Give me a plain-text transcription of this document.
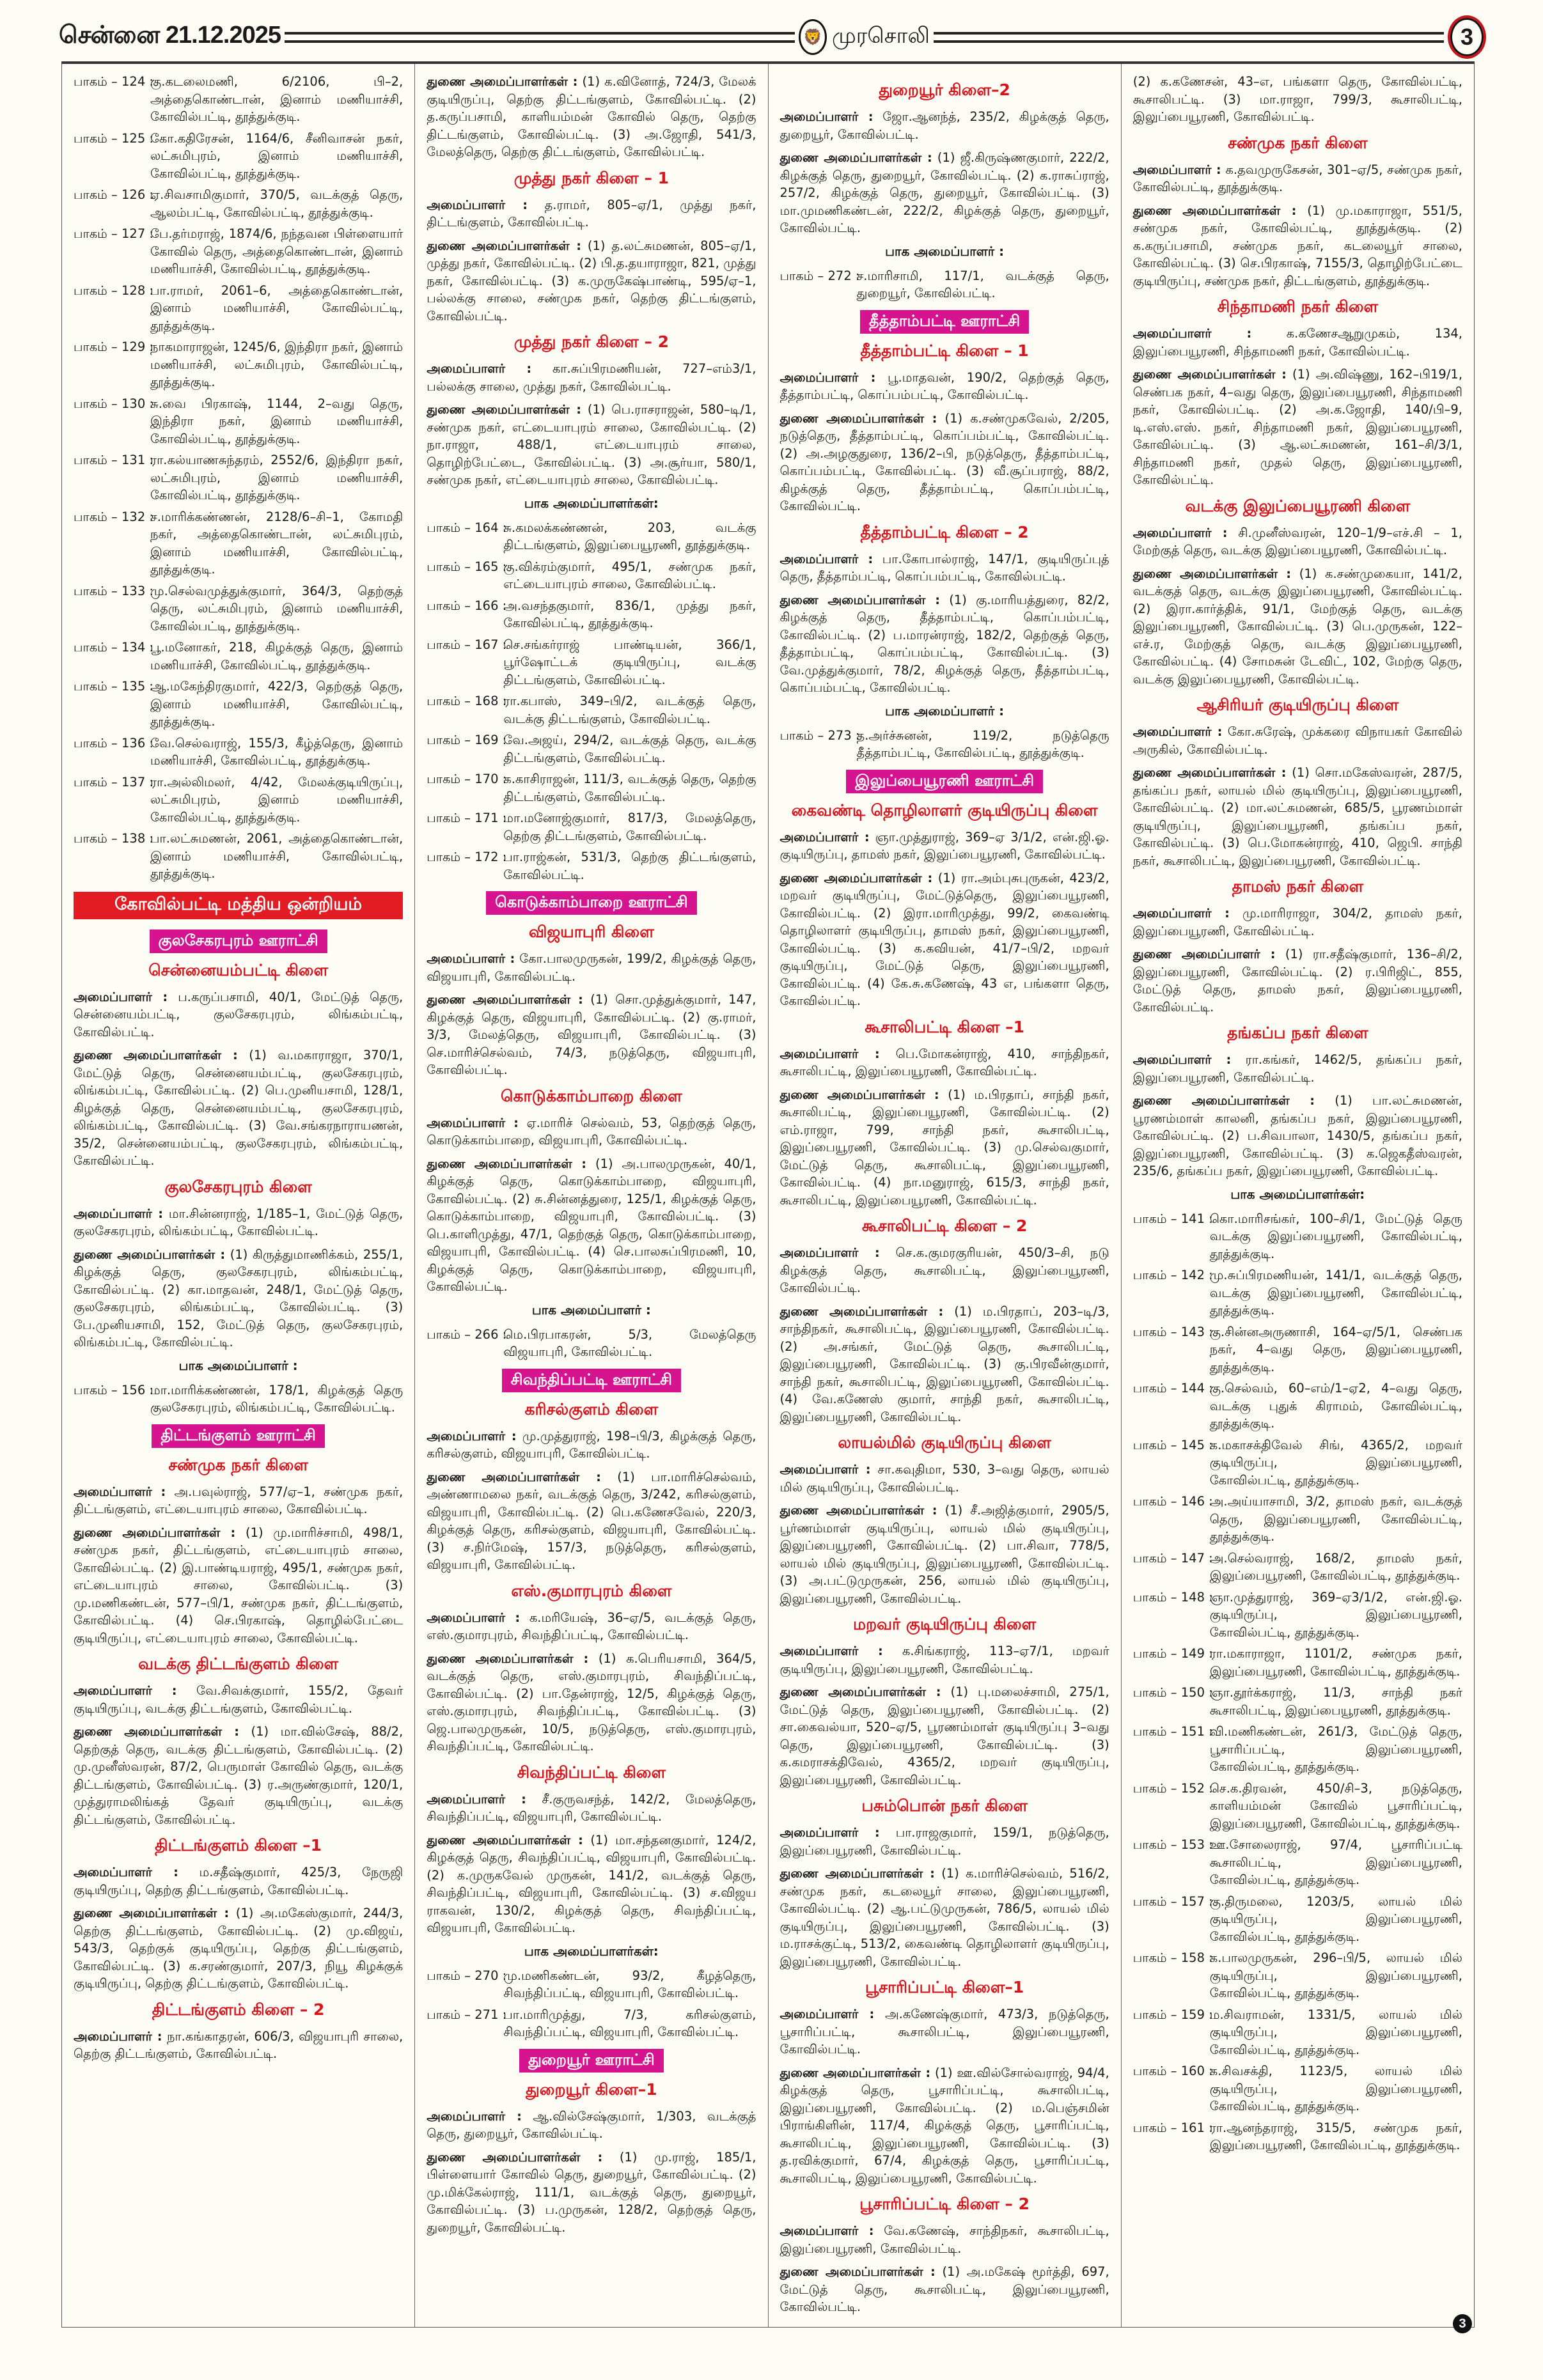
சென்னை 21.12.2025	🦁 முரசொலி	3
பாகம் – 124 :
கு.கடலைமணி, 6/2106, பி–2, அத்தைகொண்டான், இனாம் மணியாச்சி, கோவில்பட்டி, தூத்துக்குடி.
பாகம் – 125 :
கோ.கதிரேசன், 1164/6, சீனிவாசன் நகர், லட்சுமிபுரம், இனாம் மணியாச்சி, கோவில்பட்டி, தூத்துக்குடி.
பாகம் – 126 :
ஏ.சிவசாமிகுமார், 370/5, வடக்குத் தெரு, ஆலம்பட்டி, கோவில்பட்டி, தூத்துக்குடி.
பாகம் – 127 :
பே.தர்மராஜ், 1874/6, நந்தவன பிள்ளையார் கோவில் தெரு, அத்தைகொண்டான், இனாம் மணியாச்சி, கோவில்பட்டி, தூத்துக்குடி.
பாகம் – 128 :
பா.ராமர், 2061–6, அத்தைகொண்டான், இனாம் மணியாச்சி, கோவில்பட்டி, தூத்துக்குடி.
பாகம் – 129 :
நாகமாராஜன், 1245/6, இந்திரா நகர், இனாம் மணியாச்சி, லட்சுமிபுரம், கோவில்பட்டி, தூத்துக்குடி.
பாகம் – 130 :
சு.வை பிரகாஷ், 1144, 2–வது தெரு, இந்திரா நகர், இனாம் மணியாச்சி, கோவில்பட்டி, தூத்துக்குடி.
பாகம் – 131 :
ரா.கல்யாணசுந்தரம், 2552/6, இந்திரா நகர், லட்சுமிபுரம், இனாம் மணியாச்சி, கோவில்பட்டி, தூத்துக்குடி.
பாகம் – 132 :
ச.மாரிக்கண்ணன், 2128/6–சி–1, கோமதி நகர், அத்தைகொண்டான், லட்சுமிபுரம், இனாம் மணியாச்சி, கோவில்பட்டி, தூத்துக்குடி.
பாகம் – 133 :
மு.செல்வமுத்துக்குமார், 364/3, தெற்குத் தெரு, லட்சுமிபுரம், இனாம் மணியாச்சி, கோவில்பட்டி, தூத்துக்குடி.
பாகம் – 134 :
பூ.மனோகர், 218, கிழக்குத் தெரு, இனாம் மணியாச்சி, கோவில்பட்டி, தூத்துக்குடி.
பாகம் – 135 :
ஆ.மகேந்திரகுமார், 422/3, தெற்குத் தெரு, இனாம் மணியாச்சி, கோவில்பட்டி, தூத்துக்குடி.
பாகம் – 136 :
வே.செல்வராஜ், 155/3, கீழ்த்தெரு, இனாம் மணியாச்சி, கோவில்பட்டி, தூத்துக்குடி.
பாகம் – 137 :
ரா.அல்லிமலர், 4/42, மேலக்குடியிருப்பு, லட்சுமிபுரம், இனாம் மணியாச்சி, கோவில்பட்டி, தூத்துக்குடி.
பாகம் – 138 :
பா.லட்சுமணன், 2061, அத்தைகொண்டான், இனாம் மணியாச்சி, கோவில்பட்டி, தூத்துக்குடி.
கோவில்பட்டி மத்திய ஒன்றியம்
குலசேகரபுரம் ஊராட்சி
சென்னையம்பட்டி கிளை

அமைப்பாளர் : ப.கருப்பசாமி, 40/1, மேட்டுத் தெரு, சென்னையம்பட்டி, குலசேகரபுரம், லிங்கம்பட்டி, கோவில்பட்டி.

துணை அமைப்பாளர்கள் : (1) வ.மகாராஜா, 370/1, மேட்டுத் தெரு, சென்னையம்பட்டி, குலசேகரபுரம், லிங்கம்பட்டி, கோவில்பட்டி. (2) பெ.முனியசாமி, 128/1, கிழக்குத் தெரு, சென்னையம்பட்டி, குலசேகரபுரம், லிங்கம்பட்டி, கோவில்பட்டி. (3) வே.சங்கரநாராயணன், 35/2, சென்னையம்பட்டி, குலசேகரபுரம், லிங்கம்பட்டி, கோவில்பட்டி.

குலசேகரபுரம் கிளை

அமைப்பாளர் : மா.சின்னராஜ், 1/185–1, மேட்டுத் தெரு, குலசேகரபுரம், லிங்கம்பட்டி, கோவில்பட்டி.

துணை அமைப்பாளர்கள் : (1) கிருத்துமாணிக்கம், 255/1, கிழக்குத் தெரு, குலசேகரபுரம், லிங்கம்பட்டி, கோவில்பட்டி. (2) கா.மாதவன், 248/1, மேட்டுத் தெரு, குலசேகரபுரம், லிங்கம்பட்டி, கோவில்பட்டி. (3) பே.முனியசாமி, 152, மேட்டுத் தெரு, குலசேகரபுரம், லிங்கம்பட்டி, கோவில்பட்டி.

பாக அமைப்பாளர் :
பாகம் – 156 :
மா.மாரிக்கண்ணன், 178/1, கிழக்குத் தெரு குலசேகரபுரம், லிங்கம்பட்டி, கோவில்பட்டி.
திட்டங்குளம் ஊராட்சி
சண்முக நகர் கிளை

அமைப்பாளர் : அ.பவுல்ராஜ், 577/ஏ–1, சண்முக நகர், திட்டங்குளம், எட்டையாபுரம் சாலை, கோவில்பட்டி.

துணை அமைப்பாளர்கள் : (1) மு.மாரிச்சாமி, 498/1, சண்முக நகர், திட்டங்குளம், எட்டையாபுரம் சாலை, கோவில்பட்டி. (2) இ.பாண்டியராஜ், 495/1, சண்முக நகர், எட்டையாபுரம் சாலை, கோவில்பட்டி. (3) மு.மணிகண்டன், 577–பி/1, சண்முக நகர், திட்டங்குளம், கோவில்பட்டி. (4) செ.பிரகாஷ், தொழில்பேட்டை குடியிருப்பு, எட்டையாபுரம் சாலை, கோவில்பட்டி.

வடக்கு திட்டங்குளம் கிளை

அமைப்பாளர் : வே.சிவக்குமார், 155/2, தேவர் குடியிருப்பு, வடக்கு திட்டங்குளம், கோவில்பட்டி.

துணை அமைப்பாளர்கள் : (1) மா.வில்சேஷ், 88/2, தெற்குத் தெரு, வடக்கு திட்டங்குளம், கோவில்பட்டி. (2) மு.முனீஸ்வரன், 87/2, பெருமாள் கோவில் தெரு, வடக்கு திட்டங்குளம், கோவில்பட்டி. (3) ர.அருண்குமார், 120/1, முத்துராமலிங்கத் தேவர் குடியிருப்பு, வடக்கு திட்டங்குளம், கோவில்பட்டி.

திட்டங்குளம் கிளை –1

அமைப்பாளர் : ம.சதீஷ்குமார், 425/3, நேருஜி குடியிருப்பு, தெற்கு திட்டங்குளம், கோவில்பட்டி.

துணை அமைப்பாளர்கள் : (1) அ.மகேஸ்குமார், 244/3, தெற்கு திட்டங்குளம், கோவில்பட்டி. (2) மு.விஜய், 543/3, தெற்குக் குடியிருப்பு, தெற்கு திட்டங்குளம், கோவில்பட்டி. (3) க.சரண்குமார், 207/3, நியூ கிழக்குக் குடியிருப்பு, தெற்கு திட்டங்குளம், கோவில்பட்டி.

திட்டங்குளம் கிளை – 2

அமைப்பாளர் : நா.கங்காதரன், 606/3, விஜயாபுரி சாலை, தெற்கு திட்டங்குளம், கோவில்பட்டி.

துணை அமைப்பாளர்கள் : (1) க.வினோத், 724/3, மேலக் குடியிருப்பு, தெற்கு திட்டங்குளம், கோவில்பட்டி. (2) த.கருப்பசாமி, காளியம்மன் கோவில் தெரு, தெற்கு திட்டங்குளம், கோவில்பட்டி. (3) அ.ஜோதி, 541/3, மேலத்தெரு, தெற்கு திட்டங்குளம், கோவில்பட்டி.

முத்து நகர் கிளை – 1

அமைப்பாளர் : த.ராமர், 805–ஏ/1, முத்து நகர், திட்டங்குளம், கோவில்பட்டி.

துணை அமைப்பாளர்கள் : (1) த.லட்சுமணன், 805–ஏ/1, முத்து நகர், கோவில்பட்டி. (2) பி.த.தயாராஜா, 821, முத்து நகர், கோவில்பட்டி. (3) க.முருகேஷ்பாண்டி, 595/ஏ–1, பல்லக்கு சாலை, சண்முக நகர், தெற்கு திட்டங்குளம், கோவில்பட்டி.

முத்து நகர் கிளை – 2

அமைப்பாளர் : கா.சுப்பிரமணியன், 727–எம்3/1, பல்லக்கு சாலை, முத்து நகர், கோவில்பட்டி.

துணை அமைப்பாளர்கள் : (1) பெ.ராசராஜன், 580–டி/1, சண்முக நகர், எட்டையாபுரம் சாலை, கோவில்பட்டி. (2) நா.ராஜா, 488/1, எட்டையாபுரம் சாலை, தொழிற்பேட்டை, கோவில்பட்டி. (3) அ.சூர்யா, 580/1, சண்முக நகர், எட்டையாபுரம் சாலை, கோவில்பட்டி.

பாக அமைப்பாளர்கள்:
பாகம் – 164 :
சு.கமலக்கண்ணன், 203, வடக்கு திட்டங்குளம், இலுப்பையூரணி, தூத்துக்குடி.
பாகம் – 165 :
கு.விக்ரம்குமார், 495/1, சண்முக நகர், எட்டையாபுரம் சாலை, கோவில்பட்டி.
பாகம் – 166 :
அ.வசந்தகுமார், 836/1, முத்து நகர், கோவில்பட்டி, தூத்துக்குடி.
பாகம் – 167 :
செ.சங்கர்ராஜ் பாண்டியன், 366/1, பூர்ஷோட்டக் குடியிருப்பு, வடக்கு திட்டங்குளம், கோவில்பட்டி.
பாகம் – 168 :
ரா.கபாஸ், 349–பி/2, வடக்குத் தெரு, வடக்கு திட்டங்குளம், கோவில்பட்டி.
பாகம் – 169 :
வே.அஜய், 294/2, வடக்குத் தெரு, வடக்கு திட்டங்குளம், கோவில்பட்டி.
பாகம் – 170 :
க.காசிராஜன், 111/3, வடக்குத் தெரு, தெற்கு திட்டங்குளம், கோவில்பட்டி.
பாகம் – 171 :
மா.மனோஜ்குமார், 817/3, மேலத்தெரு, தெற்கு திட்டங்குளம், கோவில்பட்டி.
பாகம் – 172 :
பா.ராஜ்கன், 531/3, தெற்கு திட்டங்குளம், கோவில்பட்டி.
கொடுக்காம்பாறை ஊராட்சி
விஜயாபுரி கிளை

அமைப்பாளர் : கோ.பாலமுருகன், 199/2, கிழக்குத் தெரு, விஜயாபுரி, கோவில்பட்டி.

துணை அமைப்பாளர்கள் : (1) சொ.முத்துக்குமார், 147, கிழக்குத் தெரு, விஜயாபுரி, கோவில்பட்டி. (2) கு.ராமர், 3/3, மேலத்தெரு, விஜயாபுரி, கோவில்பட்டி. (3) செ.மாரிச்செல்வம், 74/3, நடுத்தெரு, விஜயாபுரி, கோவில்பட்டி.

கொடுக்காம்பாறை கிளை

அமைப்பாளர் : ஏ.மாரிச் செல்வம், 53, தெற்குத் தெரு, கொடுக்காம்பாறை, விஜயாபுரி, கோவில்பட்டி.

துணை அமைப்பாளர்கள் : (1) அ.பாலமுருகன், 40/1, கிழக்குத் தெரு, கொடுக்காம்பாறை, விஜயாபுரி, கோவில்பட்டி. (2) சு.சின்னத்துரை, 125/1, கிழக்குத் தெரு, கொடுக்காம்பாறை, விஜயாபுரி, கோவில்பட்டி. (3) பெ.காளிமுத்து, 47/1, தெற்குத் தெரு, கொடுக்காம்பாறை, விஜயாபுரி, கோவில்பட்டி. (4) செ.பாலசுப்பிரமணி, 10, கிழக்குத் தெரு, கொடுக்காம்பாறை, விஜயாபுரி, கோவில்பட்டி.

பாக அமைப்பாளர் :
பாகம் – 266 :
மெ.பிரபாகரன், 5/3, மேலத்தெரு விஜயாபுரி, கோவில்பட்டி.
சிவந்திப்பட்டி ஊராட்சி
கரிசல்குளம் கிளை

அமைப்பாளர் : மு.முத்துராஜ், 198–பி/3, கிழக்குத் தெரு, கரிசல்குளம், விஜயாபுரி, கோவில்பட்டி.

துணை அமைப்பாளர்கள் : (1) பா.மாரிச்செல்வம், அண்ணாமலை நகர், வடக்குத் தெரு, 3/242, கரிசல்குளம், விஜயாபுரி, கோவில்பட்டி. (2) பெ.கணேசவேல், 220/3, கிழக்குத் தெரு, கரிசல்குளம், விஜயாபுரி, கோவில்பட்டி. (3) ச.நிர்மேஷ், 157/3, நடுத்தெரு, கரிசல்குளம், விஜயாபுரி, கோவில்பட்டி.

எஸ்.குமாரபுரம் கிளை

அமைப்பாளர் : க.மரியேஷ், 36–ஏ/5, வடக்குத் தெரு, எஸ்.குமாரபுரம், சிவந்திப்பட்டி, கோவில்பட்டி.

துணை அமைப்பாளர்கள் : (1) க.பெரியசாமி, 364/5, வடக்குத் தெரு, எஸ்.குமாரபுரம், சிவந்திப்பட்டி, கோவில்பட்டி. (2) பா.தேன்ராஜ், 12/5, கிழக்குத் தெரு, எஸ்.குமாரபுரம், சிவந்திப்பட்டி, கோவில்பட்டி. (3) ஜெ.பாலமுருகன், 10/5, நடுத்தெரு, எஸ்.குமாரபுரம், சிவந்திப்பட்டி, கோவில்பட்டி.

சிவந்திப்பட்டி கிளை

அமைப்பாளர் : சீ.குருவசந்த், 142/2, மேலத்தெரு, சிவந்திப்பட்டி, விஜயாபுரி, கோவில்பட்டி.

துணை அமைப்பாளர்கள் : (1) மா.சந்தனகுமார், 124/2, கிழக்குத் தெரு, சிவந்திப்பட்டி, விஜயாபுரி, கோவில்பட்டி. (2) க.முருகவேல் முருகன், 141/2, வடக்குத் தெரு, சிவந்திப்பட்டி, விஜயாபுரி, கோவில்பட்டி. (3) ச.விஜய ராகவன், 130/2, கிழக்குத் தெரு, சிவந்திப்பட்டி, விஜயாபுரி, கோவில்பட்டி.

பாக அமைப்பாளர்கள்:
பாகம் – 270 :
மு.மணிகண்டன், 93/2, கீழத்தெரு, சிவந்திப்பட்டி, விஜயாபுரி, கோவில்பட்டி.
பாகம் – 271 :
பா.மாரிமுத்து, 7/3, கரிசல்குளம், சிவந்திப்பட்டி, விஜயாபுரி, கோவில்பட்டி.
துறையூர் ஊராட்சி
துறையூர் கிளை–1

அமைப்பாளர் : ஆ.வில்சேஷ்குமார், 1/303, வடக்குத் தெரு, துறையூர், கோவில்பட்டி.

துணை அமைப்பாளர்கள் : (1) மு.ராஜ், 185/1, பிள்ளையார் கோவில் தெரு, துறையூர், கோவில்பட்டி. (2) மு.மிக்கேல்ராஜ், 111/1, வடக்குத் தெரு, துறையூர், கோவில்பட்டி. (3) ப.முருகன், 128/2, தெற்குத் தெரு, துறையூர், கோவில்பட்டி.

துறையூர் கிளை–2

அமைப்பாளர் : ஜோ.ஆனந்த், 235/2, கிழக்குத் தெரு, துறையூர், கோவில்பட்டி.

துணை அமைப்பாளர்கள் : (1) ஜீ.கிருஷ்ணகுமார், 222/2, கிழக்குத் தெரு, துறையூர், கோவில்பட்டி. (2) க.ராசுப்ராஜ், 257/2, கிழக்குத் தெரு, துறையூர், கோவில்பட்டி. (3) மா.முமணிகண்டன், 222/2, கிழக்குத் தெரு, துறையூர், கோவில்பட்டி.

பாக அமைப்பாளர் :
பாகம் – 272 :
ச.மாரிசாமி, 117/1, வடக்குத் தெரு, துறையூர், கோவில்பட்டி.
தீத்தாம்பட்டி ஊராட்சி
தீத்தாம்பட்டி கிளை – 1

அமைப்பாளர் : பூ.மாதவன், 190/2, தெற்குத் தெரு, தீத்தாம்பட்டி, கொப்பம்பட்டி, கோவில்பட்டி.

துணை அமைப்பாளர்கள் : (1) க.சண்முகவேல், 2/205, நடுத்தெரு, தீத்தாம்பட்டி, கொப்பம்பட்டி, கோவில்பட்டி. (2) அ.அழகுதுரை, 136/2–பி, நடுத்தெரு, தீத்தாம்பட்டி, கொப்பம்பட்டி, கோவில்பட்டி. (3) வீ.சூப்பராஜ், 88/2, கிழக்குத் தெரு, தீத்தாம்பட்டி, கொப்பம்பட்டி, கோவில்பட்டி.

தீத்தாம்பட்டி கிளை – 2

அமைப்பாளர் : பா.கோபால்ராஜ், 147/1, குடியிருப்புத் தெரு, தீத்தாம்பட்டி, கொப்பம்பட்டி, கோவில்பட்டி.

துணை அமைப்பாளர்கள் : (1) கு.மாரியத்துரை, 82/2, கிழக்குத் தெரு, தீத்தாம்பட்டி, கொப்பம்பட்டி, கோவில்பட்டி. (2) ப.மாரன்ராஜ், 182/2, தெற்குத் தெரு, தீத்தாம்பட்டி, கொப்பம்பட்டி, கோவில்பட்டி. (3) வே.முத்துக்குமார், 78/2, கிழக்குத் தெரு, தீத்தாம்பட்டி, கொப்பம்பட்டி, கோவில்பட்டி.

பாக அமைப்பாளர் :
பாகம் – 273 :
த.அர்ச்சுனன், 119/2, நடுத்தெரு தீத்தாம்பட்டி, கோவில்பட்டி, தூத்துக்குடி.
இலுப்பையூரணி ஊராட்சி
கைவண்டி தொழிலாளர் குடியிருப்பு கிளை

அமைப்பாளர் : ஞா.முத்துராஜ், 369–ஏ 3/1/2, என்.ஜி.ஓ. குடியிருப்பு, தாமஸ் நகர், இலுப்பையூரணி, கோவில்பட்டி.

துணை அமைப்பாளர்கள் : (1) ரா.அம்புசுபுருகன், 423/2, மறவர் குடியிருப்பு, மேட்டுத்தெரு, இலுப்பையூரணி, கோவில்பட்டி. (2) இரா.மாரிமுத்து, 99/2, கைவண்டி தொழிலாளர் குடியிருப்பு, தாமஸ் நகர், இலுப்பையூரணி, கோவில்பட்டி. (3) க.கவியன், 41/7–பி/2, மறவர் குடியிருப்பு, மேட்டுத் தெரு, இலுப்பையூரணி, கோவில்பட்டி. (4) கே.சு.கணேஷ், 43 எ, பங்களா தெரு, கோவில்பட்டி.

கூசாலிபட்டி கிளை –1

அமைப்பாளர் : பெ.மோகன்ராஜ், 410, சாந்திநகர், கூசாலிபட்டி, இலுப்பையூரணி, கோவில்பட்டி.

துணை அமைப்பாளர்கள் : (1) ம.பிரதாப், சாந்தி நகர், கூசாலிபட்டி, இலுப்பையூரணி, கோவில்பட்டி. (2) எம்.ராஜா, 799, சாந்தி நகர், கூசாலிபட்டி, இலுப்பையூரணி, கோவில்பட்டி. (3) மு.செல்வகுமார், மேட்டுத் தெரு, கூசாலிபட்டி, இலுப்பையூரணி, கோவில்பட்டி. (4) நா.மனுராஜ், 615/3, சாந்தி நகர், கூசாலிபட்டி, இலுப்பையூரணி, கோவில்பட்டி.

கூசாலிபட்டி கிளை – 2

அமைப்பாளர் : செ.க.குமரகுரியன், 450/3–சி, நடு கிழக்குத் தெரு, கூசாலிபட்டி, இலுப்பையூரணி, கோவில்பட்டி.

துணை அமைப்பாளர்கள் : (1) ம.பிரதாப், 203–டி/3, சாந்திநகர், கூசாலிபட்டி, இலுப்பையூரணி, கோவில்பட்டி. (2) அ.சங்கர், மேட்டுத் தெரு, கூசாலிபட்டி, இலுப்பையூரணி, கோவில்பட்டி. (3) கு.பிரவீன்குமார், சாந்தி நகர், கூசாலிபட்டி, இலுப்பையூரணி, கோவில்பட்டி. (4) வே.கணேஸ் குமார், சாந்தி நகர், கூசாலிபட்டி, இலுப்பையூரணி, கோவில்பட்டி.

லாயல்மில் குடியிருப்பு கிளை

அமைப்பாளர் : சா.கவுதிமா, 530, 3–வது தெரு, லாயல் மில் குடியிருப்பு, கோவில்பட்டி.

துணை அமைப்பாளர்கள் : (1) சீ.அஜித்குமார், 2905/5, பூர்ணம்மாள் குடியிருப்பு, லாயல் மில் குடியிருப்பு, இலுப்பையூரணி, கோவில்பட்டி. (2) பா.சிவா, 778/5, லாயல் மில் குடியிருப்பு, இலுப்பையூரணி, கோவில்பட்டி. (3) அ.பட்டுமுருகன், 256, லாயல் மில் குடியிருப்பு, இலுப்பையூரணி, கோவில்பட்டி.

மறவர் குடியிருப்பு கிளை

அமைப்பாளர் : க.சிங்கராஜ், 113–ஏ7/1, மறவர் குடியிருப்பு, இலுப்பையூரணி, கோவில்பட்டி.

துணை அமைப்பாளர்கள் : (1) பு.மலைச்சாமி, 275/1, மேட்டுத் தெரு, இலுப்பையூரணி, கோவில்பட்டி. (2) சா.கைவல்யா, 520–ஏ/5, பூரணம்மாள் குடியிருப்பு 3–வது தெரு, இலுப்பையூரணி, கோவில்பட்டி. (3) க.கமராசக்திவேல், 4365/2, மறவர் குடியிருப்பு, இலுப்பையூரணி, கோவில்பட்டி.

பசும்பொன் நகர் கிளை

அமைப்பாளர் : பா.ராஜகுமார், 159/1, நடுத்தெரு, இலுப்பையூரணி, கோவில்பட்டி.

துணை அமைப்பாளர்கள் : (1) க.மாரிச்செல்வம், 516/2, சண்முக நகர், கடலையூர் சாலை, இலுப்பையூரணி, கோவில்பட்டி. (2) ஆ.பட்டுமுருகன், 786/5, லாயல் மில் குடியிருப்பு, இலுப்பையூரணி, கோவில்பட்டி. (3) ம.ராசக்குட்டி, 513/2, கைவண்டி தொழிலாளர் குடியிருப்பு, இலுப்பையூரணி, கோவில்பட்டி.

பூசாரிப்பட்டி கிளை–1

அமைப்பாளர் : அ.கணேஷ்குமார், 473/3, நடுத்தெரு, பூசாரிப்பட்டி, கூசாலிபட்டி, இலுப்பையூரணி, கோவில்பட்டி.

துணை அமைப்பாளர்கள் : (1) ஊ.வில்சோல்வராஜ், 94/4, கிழக்குத் தெரு, பூசாரிப்பட்டி, கூசாலிபட்டி, இலுப்பையூரணி, கோவில்பட்டி. (2) ம.பெஞ்சமின் பிராங்கிளின், 117/4, கிழக்குத் தெரு, பூசாரிப்பட்டி, கூசாலிபட்டி, இலுப்பையூரணி, கோவில்பட்டி. (3) த.ரவிக்குமார், 67/4, கிழக்குத் தெரு, பூசாரிப்பட்டி, கூசாலிபட்டி, இலுப்பையூரணி, கோவில்பட்டி.

பூசாரிப்பட்டி கிளை – 2

அமைப்பாளர் : வே.கணேஷ், சாந்திநகர், கூசாலிபட்டி, இலுப்பையூரணி, கோவில்பட்டி.

துணை அமைப்பாளர்கள் : (1) அ.மகேஷ் மூர்த்தி, 697, மேட்டுத் தெரு, கூசாலிபட்டி, இலுப்பையூரணி, கோவில்பட்டி.

(2) க.கணேசன், 43–எ, பங்களா தெரு, கோவில்பட்டி, கூசாலிபட்டி. (3) மா.ராஜா, 799/3, கூசாலிபட்டி, இலுப்பையூரணி, கோவில்பட்டி.

சண்முக நகர் கிளை

அமைப்பாளர் : க.தவமுருகேசன், 301–ஏ/5, சண்முக நகர், கோவில்பட்டி, தூத்துக்குடி.

துணை அமைப்பாளர்கள் : (1) மு.மகாராஜா, 551/5, சண்முக நகர், கோவில்பட்டி, தூத்துக்குடி. (2) க.கருப்பசாமி, சண்முக நகர், கடலையூர் சாலை, கோவில்பட்டி. (3) செ.பிரகாஷ், 7155/3, தொழிற்பேட்டை குடியிருப்பு, சண்முக நகர், திட்டங்குளம், தூத்துக்குடி.

சிந்தாமணி நகர் கிளை

அமைப்பாளர் :	க.கணேசஆறுமுகம், 134, இலுப்பையூரணி, சிந்தாமணி நகர், கோவில்பட்டி.

துணை அமைப்பாளர்கள் : (1) அ.விஷ்ணு, 162–பி19/1, செண்பக நகர், 4–வது தெரு, இலுப்பையூரணி, சிந்தாமணி நகர், கோவில்பட்டி. (2) அ.க.ஜோதி, 140/பி–9, டி.எஸ்.எஸ். நகர், சிந்தாமணி நகர், இலுப்பையூரணி, கோவில்பட்டி. (3) ஆ.லட்சுமணன், 161–சி/3/1, சிந்தாமணி நகர், முதல் தெரு, இலுப்பையூரணி, கோவில்பட்டி.

வடக்கு இலுப்பையூரணி கிளை

அமைப்பாளர் : சி.முனீஸ்வரன், 120–1/9–எச்.சி – 1, மேற்குத் தெரு, வடக்கு இலுப்பையூரணி, கோவில்பட்டி.

துணை அமைப்பாளர்கள் : (1) க.சண்முகையா, 141/2, வடக்குத் தெரு, வடக்கு இலுப்பையூரணி, கோவில்பட்டி. (2) இரா.கார்த்திக், 91/1, மேற்குத் தெரு, வடக்கு இலுப்பையூரணி, கோவில்பட்டி. (3) பெ.முருகன், 122–எச்.ர, மேற்குத் தெரு, வடக்கு இலுப்பையூரணி, கோவில்பட்டி. (4) சோமசுன் டேவிட், 102, மேற்கு தெரு, வடக்கு இலுப்பையூரணி, கோவில்பட்டி.

ஆசிரியர் குடியிருப்பு கிளை

அமைப்பாளர் : கோ.சுரேஷ், முக்கரை விநாயகர் கோவில் அருகில், கோவில்பட்டி.

துணை அமைப்பாளர்கள் : (1) சொ.மகேஸ்வரன், 287/5, தங்கப்ப நகர், லாயல் மில் குடியிருப்பு, இலுப்பையூரணி, கோவில்பட்டி. (2) மா.லட்சுமணன், 685/5, பூரணம்மாள் குடியிருப்பு, இலுப்பையூரணி, தங்கப்ப நகர், கோவில்பட்டி. (3) பெ.மோகன்ராஜ், 410, ஜெபி. சாந்தி நகர், கூசாலிபட்டி, இலுப்பையூரணி, கோவில்பட்டி.

தாமஸ் நகர் கிளை

அமைப்பாளர் : மு.மாரிராஜா, 304/2, தாமஸ் நகர், இலுப்பையூரணி, கோவில்பட்டி.

துணை அமைப்பாளர் : (1) ரா.சதீஷ்குமார், 136–சி/2, இலுப்பையூரணி, கோவில்பட்டி. (2) ர.பிரிஜிட், 855, மேட்டுத் தெரு, தாமஸ் நகர், இலுப்பையூரணி, கோவில்பட்டி.

தங்கப்ப நகர் கிளை

அமைப்பாளர் : ரா.கங்கர், 1462/5, தங்கப்ப நகர், இலுப்பையூரணி, கோவில்பட்டி.

துணை அமைப்பாளர்கள் : (1) பா.லட்சுமணன், பூரணம்மாள் காலனி, தங்கப்ப நகர், இலுப்பையூரணி, கோவில்பட்டி. (2) ப.சிவபாலா, 1430/5, தங்கப்ப நகர், இலுப்பையூரணி, கோவில்பட்டி. (3) க.ஜெகதீஸ்வரன், 235/6, தங்கப்ப நகர், இலுப்பையூரணி, கோவில்பட்டி.

பாக அமைப்பாளர்கள்:
பாகம் – 141 :
கொ.மாரிசங்கர், 100–சி/1, மேட்டுத் தெரு வடக்கு இலுப்பையூரணி, கோவில்பட்டி, தூத்துக்குடி.
பாகம் – 142 :
மு.சுப்பிரமணியன், 141/1, வடக்குத் தெரு, வடக்கு இலுப்பையூரணி, கோவில்பட்டி, தூத்துக்குடி.
பாகம் – 143 :
கு.சின்னஅருணாசி, 164–ஏ/5/1, செண்பக நகர், 4–வது தெரு, இலுப்பையூரணி, தூத்துக்குடி.
பாகம் – 144 :
கு.செல்வம், 60–எம்/1–ஏ2, 4–வது தெரு, வடக்கு புதுக் கிராமம், கோவில்பட்டி, தூத்துக்குடி.
பாகம் – 145 :
க.மகாசக்திவேல் சிங், 4365/2, மறவர் குடியிருப்பு, இலுப்பையூரணி, கோவில்பட்டி, தூத்துக்குடி.
பாகம் – 146 :
அ.அய்யாசாமி, 3/2, தாமஸ் நகர், வடக்குத் தெரு, இலுப்பையூரணி, கோவில்பட்டி, தூத்துக்குடி.
பாகம் – 147 :
அ.செல்வராஜ், 168/2, தாமஸ் நகர், இலுப்பையூரணி, கோவில்பட்டி, தூத்துக்குடி.
பாகம் – 148 :
ஞா.முத்துராஜ், 369–ஏ3/1/2, என்.ஜி.ஓ. குடியிருப்பு, இலுப்பையூரணி, கோவில்பட்டி, தூத்துக்குடி.
பாகம் – 149 :
ரா.மகாராஜா, 1101/2, சண்முக நகர், இலுப்பையூரணி, கோவில்பட்டி, தூத்துக்குடி.
பாகம் – 150 :
ஞா.தூர்க்கராஜ், 11/3, சாந்தி நகர் கூசாலிபட்டி, இலுப்பையூரணி, தூத்துக்குடி.
பாகம் – 151 :
வி.மணிகண்டன், 261/3, மேட்டுத் தெரு, பூசாரிப்பட்டி, இலுப்பையூரணி, கோவில்பட்டி, தூத்துக்குடி.
பாகம் – 152 :
செ.க.திரவன், 450/சி–3, நடுத்தெரு, காளியம்மன் கோவில் பூசாரிப்பட்டி, இலுப்பையூரணி, கோவில்பட்டி, தூத்துக்குடி.
பாகம் – 153 :
ஊ.சோலைராஜ், 97/4, பூசாரிப்பட்டி கூசாலிபட்டி, இலுப்பையூரணி, கோவில்பட்டி, தூத்துக்குடி.
பாகம் – 157 :
கு.திருமலை, 1203/5, லாயல் மில் குடியிருப்பு, இலுப்பையூரணி, கோவில்பட்டி, தூத்துக்குடி.
பாகம் – 158 :
க.பாலமுருகன், 296–பி/5, லாயல் மில் குடியிருப்பு, இலுப்பையூரணி, கோவில்பட்டி, தூத்துக்குடி.
பாகம் – 159 :
ம.சிவராமன், 1331/5, லாயல் மில் குடியிருப்பு, இலுப்பையூரணி, கோவில்பட்டி, தூத்துக்குடி.
பாகம் – 160 :
க.சிவசக்தி, 1123/5, லாயல் மில் குடியிருப்பு, இலுப்பையூரணி, கோவில்பட்டி, தூத்துக்குடி.
பாகம் – 161 :
ரா.ஆனந்தராஜ், 315/5, சண்முக நகர், இலுப்பையூரணி, கோவில்பட்டி, தூத்துக்குடி.
3
